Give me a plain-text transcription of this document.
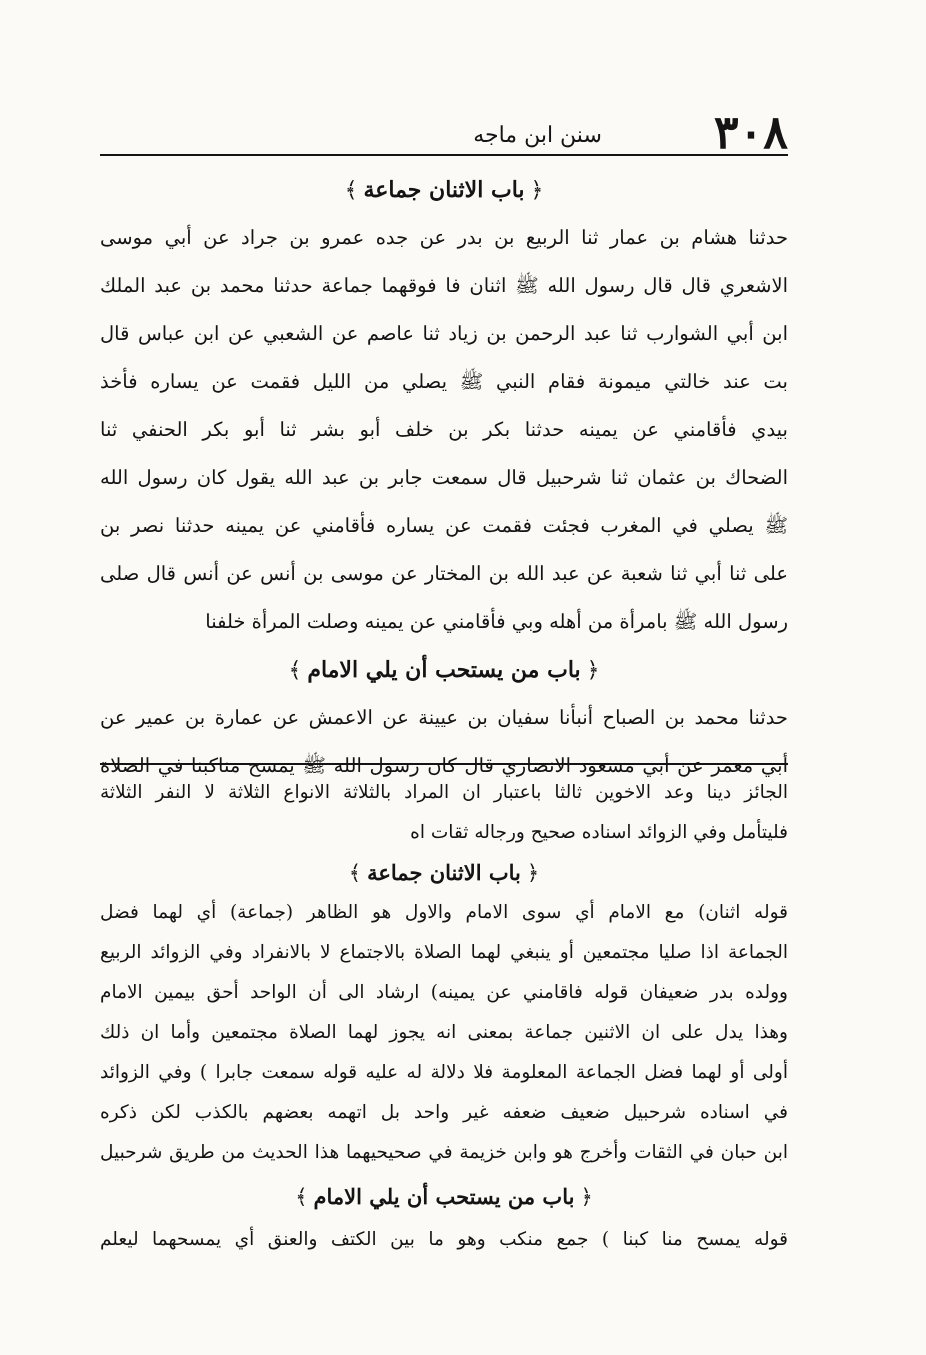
٣٠٨
سنن ابن ماجه
﴿باب الاثنان جماعة﴾
حدثنا هشام بن عمار ثنا الربيع بن بدر عن جده عمرو بن جراد عن أبي موسى
الاشعري قال قال رسول الله ﷺ اثنان فا فوقهما جماعة حدثنا محمد بن عبد الملك
ابن أبي الشوارب ثنا عبد الرحمن بن زياد ثنا عاصم عن الشعبي عن ابن عباس قال
بت عند خالتي ميمونة فقام النبي ﷺ يصلي من الليل فقمت عن يساره فأخذ
بيدي فأقامني عن يمينه حدثنا بكر بن خلف أبو بشر ثنا أبو بكر الحنفي ثنا
الضحاك بن عثمان ثنا شرحبيل قال سمعت جابر بن عبد الله يقول كان رسول الله
ﷺ يصلي في المغرب فجئت فقمت عن يساره فأقامني عن يمينه حدثنا نصر بن
على ثنا أبي ثنا شعبة عن عبد الله بن المختار عن موسى بن أنس عن أنس قال صلى
رسول الله ﷺ بامرأة من أهله وبي فأقامني عن يمينه وصلت المرأة خلفنا
﴿باب من يستحب أن يلي الامام﴾
حدثنا محمد بن الصباح أنبأنا سفيان بن عيينة عن الاعمش عن عمارة بن عمير عن
أبي معمر عن أبي مسعود الانصاري قال كان رسول الله ﷺ يمسح مناكبنا في الصلاة
الجائز دينا وعد الاخوين ثالثا باعتبار ان المراد بالثلاثة الانواع الثلاثة لا النفر الثلاثة
فليتأمل وفي الزوائد اسناده صحيح ورجاله ثقات اه
﴿باب الاثنان جماعة﴾
قوله اثنان) مع الامام أي سوى الامام والاول هو الظاهر (جماعة) أي لهما فضل
الجماعة اذا صليا مجتمعين أو ينبغي لهما الصلاة بالاجتماع لا بالانفراد وفي الزوائد الربيع
وولده بدر ضعيفان قوله فاقامني عن يمينه) ارشاد الى أن الواحد أحق بيمين الامام
وهذا يدل على ان الاثنين جماعة بمعنى انه يجوز لهما الصلاة مجتمعين وأما ان ذلك
أولى أو لهما فضل الجماعة المعلومة فلا دلالة له عليه قوله سمعت جابرا ) وفي الزوائد
في اسناده شرحبيل ضعيف ضعفه غير واحد بل اتهمه بعضهم بالكذب لكن ذكره
ابن حبان في الثقات وأخرج هو وابن خزيمة في صحيحيهما هذا الحديث من طريق شرحبيل
﴿باب من يستحب أن يلي الامام﴾
قوله يمسح منا كبنا ) جمع منكب وهو ما بين الكتف والعنق أي يمسحهما ليعلم
